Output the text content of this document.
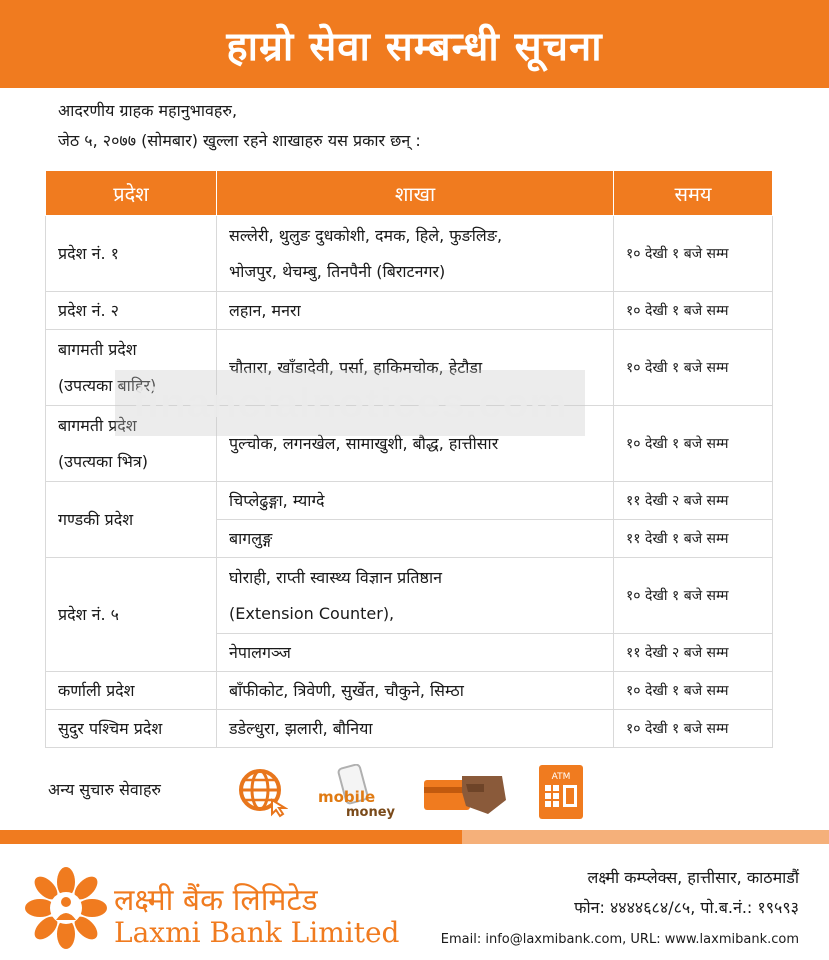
हाम्रो सेवा सम्बन्धी सूचना
आदरणीय ग्राहक महानुभावहरु,
जेठ ५, २०७७ (सोमबार) खुल्ला रहने शाखाहरु यस प्रकार छन् :
प्रदेश	शाखा	समय

प्रदेश नं. १	सल्लेरी, थुलुङ दुधकोशी, दमक, हिले, फुङलिङ,
भोजपुर, थेचम्बु, तिनपैनी (बिराटनगर)	१० देखी १ बजे सम्म

प्रदेश नं. २	लहान, मनरा	१० देखी १ बजे सम्म

बागमती प्रदेश
(उपत्यका बाहिर)	चौतारा, खाँडादेवी, पर्सा, हाकिमचोक, हेटौडा	१० देखी १ बजे सम्म

बागमती प्रदेश
(उपत्यका भित्र)	पुल्चोक, लगनखेल, सामाखुशी, बौद्ध, हात्तीसार	१० देखी १ बजे सम्म

गण्डकी प्रदेश	चिप्लेढुङ्गा, म्याग्दे	११ देखी २ बजे सम्म

	बागलुङ्ग	११ देखी १ बजे सम्म

प्रदेश नं. ५	घोराही, राप्ती स्वास्थ्य विज्ञान प्रतिष्ठान
(Extension Counter),	१० देखी १ बजे सम्म

	नेपालगञ्ज	११ देखी २ बजे सम्म

कर्णाली प्रदेश	बाँफीकोट, त्रिवेणी, सुर्खेत, चौकुने, सिम्ठा	१० देखी १ बजे सम्म

सुदुर पश्चिम प्रदेश	डडेल्धुरा, झलारी, बौनिया	१० देखी १ बजे सम्म
financialnotices.com
अन्य सुचारु सेवाहरु	mobile
money
ATM
लक्ष्मी बैंक लिमिटेड
Laxmi Bank Limited
लक्ष्मी कम्प्लेक्स, हात्तीसार, काठमाडौं
फोन: ४४४४६८४/८५, पो.ब.नं.: १९५९३
Email: info@laxmibank.com, URL: www.laxmibank.com
